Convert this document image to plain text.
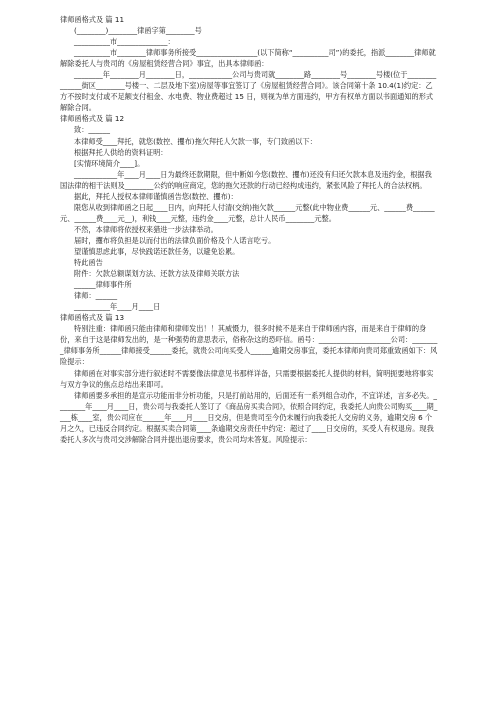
律师函格式及 篇 11

(________)________律函字第________号

__________市______________：

__________市________律师事务所接受_________________(以下简称“__________司”)的委托，指派________律师就解除委托人与贵司的《房屋租赁经营合同》事宜，出具本律师函：

________年________月________日，____________公司与贵司就________路________号________号楼(位于______________街区________号楼一、二层及地下室)房屋等事宜签订了《房屋租赁经营合同》。该合同第十条 10.4(1)约定：乙方不按时支付或不足额支付租金、水电费、物业费超过 15 日，则视为单方面违约，甲方有权单方面以书面通知的形式解除合同。

律师函格式及 篇 12

致：______

本律师受____拜托，就您(数控、攫布)拖欠拜托人欠款一事，专门致函以下：

根据拜托人供给的资料证明：

[实情环境简介____]。

____________年____月____日为最终还款期限，但中断如今您(数控、攫布)还没有归还欠款本息及违约金，根据我国法律的相干法则及________公约的响应商定，您的拖欠还款的行动已经构成违约，紧张风险了拜托人的合法权柄。

据此，拜托人授权本律师谨慎函告您(数控、攫布)：

限您从收到律师函之日起____日内，向拜托人付清(交纳)拖欠款______元整(此中物业费______元、______费______元、______费____元__)，利钱____元整，违约金____元整，总计人民币________元整。

不然，本律师将依授权来猎进一步法律举动。

届时，攫布将负担是以而付出的法律负面价格及个人诺言吃亏。

望谨慎思虑此事，尽快践诺还款任务，以避免讼累。

特此函告

附件：欠款总额谋划方法、还款方法及律师关联方法

______律师事件所

律师：______

__________年____月____日

律师函格式及 篇 13

特别注重：律师函只能由律师和律师发出！！其威慑力，很多时候不是来自于律师函内容，而是来自于律师的身份，来自于这是律师发出的，是一种强势的意思表示，俗称杂这的恐吓信。函号：____________________公司：________律师事务所______律师接受______委托，就贵公司向买受人______逾期交房事宜，委托本律师向贵司郑重致函如下：风险提示：

律师函在对事实部分进行叙述时不需要像法律意见书那样详备，只需要根据委托人提供的材料，简明扼要地将事实与双方争议的焦点总结出来即可。

律师函要多承担的是宣示功能而非分析功能，只是打前站用的，后面还有一系列组合动作，不宜详述，言多必失。________年____月____日，贵公司与我委托人签订了《商品房买卖合同》，依照合同约定，我委托人向贵公司购买____期____栋____室，贵公司应在______年____月____日交房，但是贵司至今仍未履行向我委托人交房的义务，逾期交房 6 个月之久，已违反合同约定。根据买卖合同第____条逾期交房责任中约定：超过了____日交房的，买受人有权退房。现我委托人多次与贵司交涉解除合同并提出退房要求，贵公司均未答复。风险提示：
